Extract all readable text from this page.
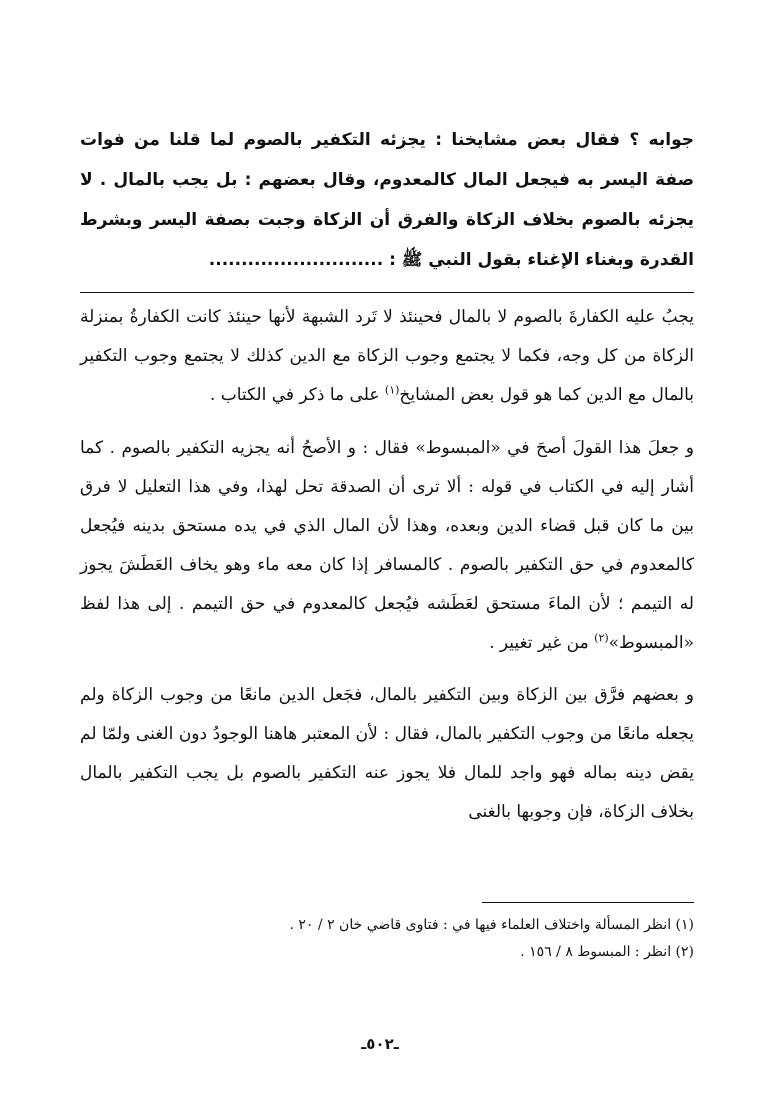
جوابه ؟ فقال بعض مشايخنا : يجزئه التكفير بالصوم لما قلنا من فوات صفة اليسر به فيجعل المال كالمعدوم، وقال بعضهم : بل يجب بالمال . لا يجزئه بالصوم بخلاف الزكاة والفرق أن الزكاة وجبت بصفة اليسر وبشرط القدرة وبغناء الإغناء بقول النبي ﷺ : ...........................

يجبُ عليه الكفارةَ بالصوم لا بالمال فحينئذ لا تَرد الشبهة لأنها حينئذ كانت الكفارةُ بمنزلة الزكاة من كل وجه، فكما لا يجتمع وجوب الزكاة مع الدين كذلك لا يجتمع وجوب التكفير بالمال مع الدين كما هو قول بعض المشايخ$^{(١)}$ على ما ذكر في الكتاب .

و جعلَ هذا القولَ أصحَ في «المبسوط» فقال : و الأصحُ أنه يجزيه التكفير بالصوم . كما أشار إليه في الكتاب في قوله : ألا ترى أن الصدقة تحل لهذا، وفي هذا التعليل لا فرق بين ما كان قبل قضاء الدين وبعده، وهذا لأن المال الذي في يده مستحق بدينه فيُجعل كالمعدوم في حق التكفير بالصوم . كالمسافر إذا كان معه ماء وهو يخاف العَطَشَ يجوز له التيمم ؛ لأن الماءَ مستحق لعَطَشه فيُجعل كالمعدوم في حق التيمم . إلى هذا لفظ «المبسوط»$^{(٢)}$ من غير تغيير .

و بعضهم فرَّق بين الزكاة وبين التكفير بالمال، فجَعل الدين مانعًا من وجوب الزكاة ولم يجعله مانعًا من وجوب التكفير بالمال، فقال : لأن المعتبر هاهنا الوجودُ دون الغنى ولمّا لم يقض دينه بماله فهو واجد للمال فلا يجوز عنه التكفير بالصوم بل يجب التكفير بالمال بخلاف الزكاة، فإن وجوبها بالغنى

(١) انظر المسألة واختلاف العلماء فيها في : فتاوى قاضي خان ٢ / ٢٠ .
(٢) انظر : المبسوط ٨ / ١٥٦ .
ـ٥٠٢ـ
